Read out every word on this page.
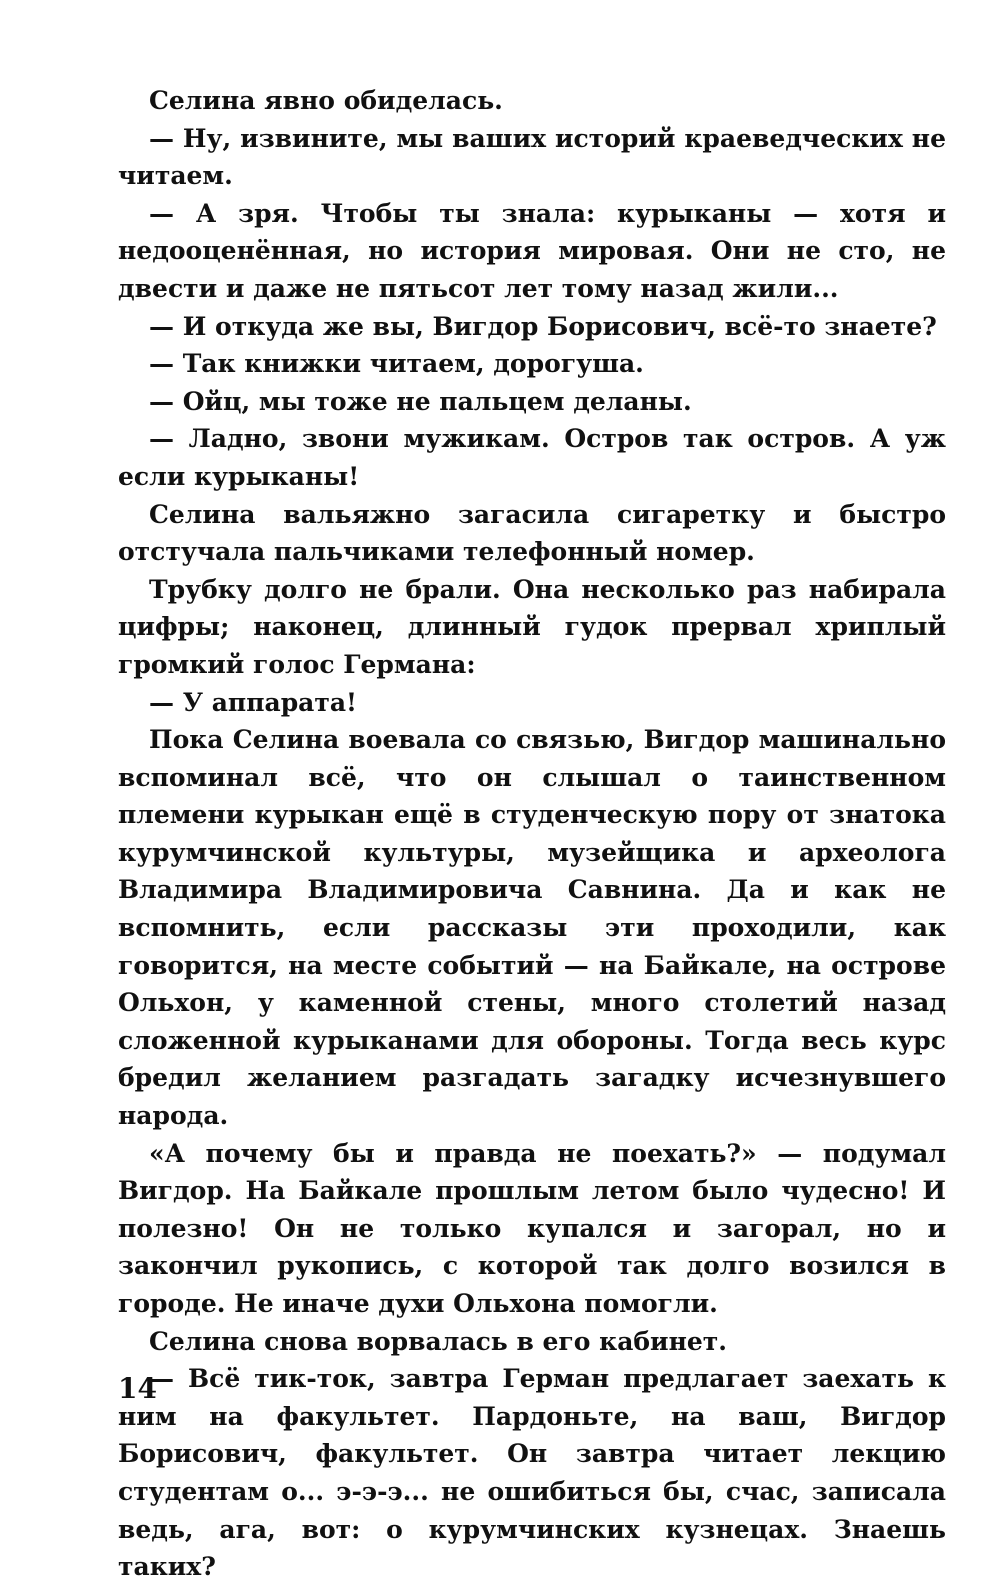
Селина явно обиделась.

— Ну, извините, мы ваших историй краеведческих не читаем.

— А зря. Чтобы ты знала: курыканы — хотя и недооценённая, но история мировая. Они не сто, не двести и даже не пятьсот лет тому назад жили...

— И откуда же вы, Вигдор Борисович, всё-то знаете?

— Так книжки читаем, дорогуша.

— Ойц, мы тоже не пальцем деланы.

— Ладно, звони мужикам. Остров так остров. А уж если курыканы!

Селина вальяжно загасила сигаретку и быстро отстучала пальчиками телефонный номер.

Трубку долго не брали. Она несколько раз набирала цифры; наконец, длинный гудок прервал хриплый громкий голос Германа:

— У аппарата!

Пока Селина воевала со связью, Вигдор машинально вспоминал всё, что он слышал о таинственном племени курыкан ещё в студенческую пору от знатока курумчинской культуры, музейщика и археолога Владимира Владимировича Савнина. Да и как не вспомнить, если рассказы эти проходили, как говорится, на месте событий — на Байкале, на острове Ольхон, у каменной стены, много столетий назад сложенной курыканами для обороны. Тогда весь курс бредил желанием разгадать загадку исчезнувшего народа.

«А почему бы и правда не поехать?» — подумал Вигдор. На Байкале прошлым летом было чудесно! И полезно! Он не только купался и загорал, но и закончил рукопись, с которой так долго возился в городе. Не иначе духи Ольхона помогли.

Селина снова ворвалась в его кабинет.

— Всё тик-ток, завтра Герман предлагает заехать к ним на факультет. Пардоньте, на ваш, Вигдор Борисович, факультет. Он завтра читает лекцию студентам о... э-э-э... не ошибиться бы, счас, записала ведь, ага, вот: о курумчинских кузнецах. Знаешь таких?

14
